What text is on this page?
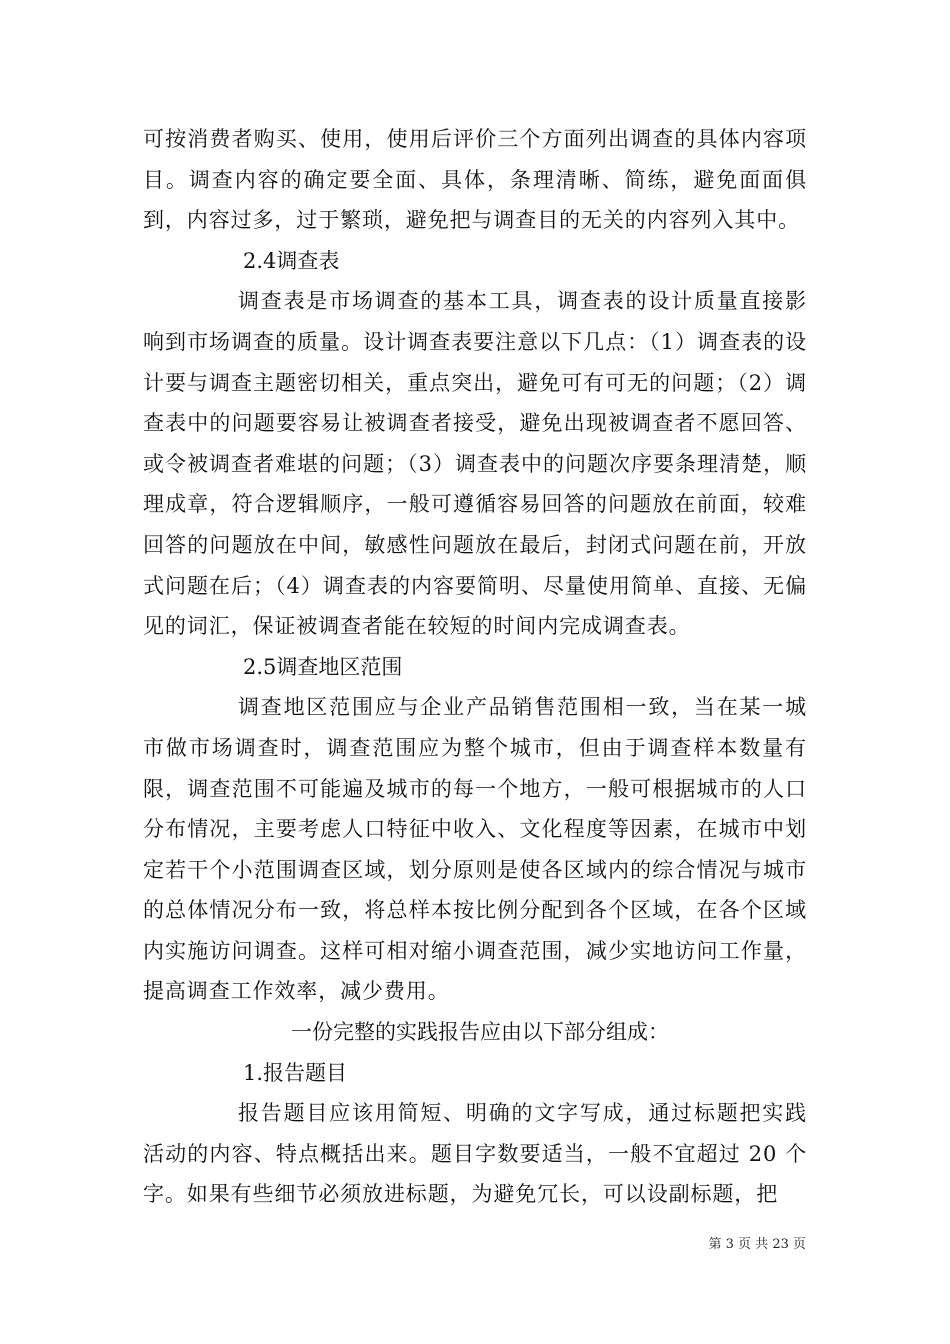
可按消费者购买、使用，使用后评价三个方面列出调查的具体内容项目。调查内容的确定要全面、具体，条理清晰、简练，避免面面俱到，内容过多，过于繁琐，避免把与调查目的无关的内容列入其中。

2.4调查表

调查表是市场调查的基本工具，调查表的设计质量直接影响到市场调查的质量。设计调查表要注意以下几点：（1）调查表的设计要与调查主题密切相关，重点突出，避免可有可无的问题；（2）调查表中的问题要容易让被调查者接受，避免出现被调查者不愿回答、或令被调查者难堪的问题；（3）调查表中的问题次序要条理清楚，顺理成章，符合逻辑顺序，一般可遵循容易回答的问题放在前面，较难回答的问题放在中间，敏感性问题放在最后，封闭式问题在前，开放式问题在后；（4）调查表的内容要简明、尽量使用简单、直接、无偏见的词汇，保证被调查者能在较短的时间内完成调查表。

2.5调查地区范围

调查地区范围应与企业产品销售范围相一致，当在某一城市做市场调查时，调查范围应为整个城市，但由于调查样本数量有限，调查范围不可能遍及城市的每一个地方，一般可根据城市的人口分布情况，主要考虑人口特征中收入、文化程度等因素，在城市中划定若干个小范围调查区域，划分原则是使各区域内的综合情况与城市的总体情况分布一致，将总样本按比例分配到各个区域，在各个区域内实施访问调查。这样可相对缩小调查范围，减少实地访问工作量，提高调查工作效率，减少费用。

一份完整的实践报告应由以下部分组成：

1.报告题目

报告题目应该用简短、明确的文字写成，通过标题把实践活动的内容、特点概括出来。题目字数要适当，一般不宜超过 20 个字。如果有些细节必须放进标题，为避免冗长，可以设副标题，把

第 3 页 共 23 页
